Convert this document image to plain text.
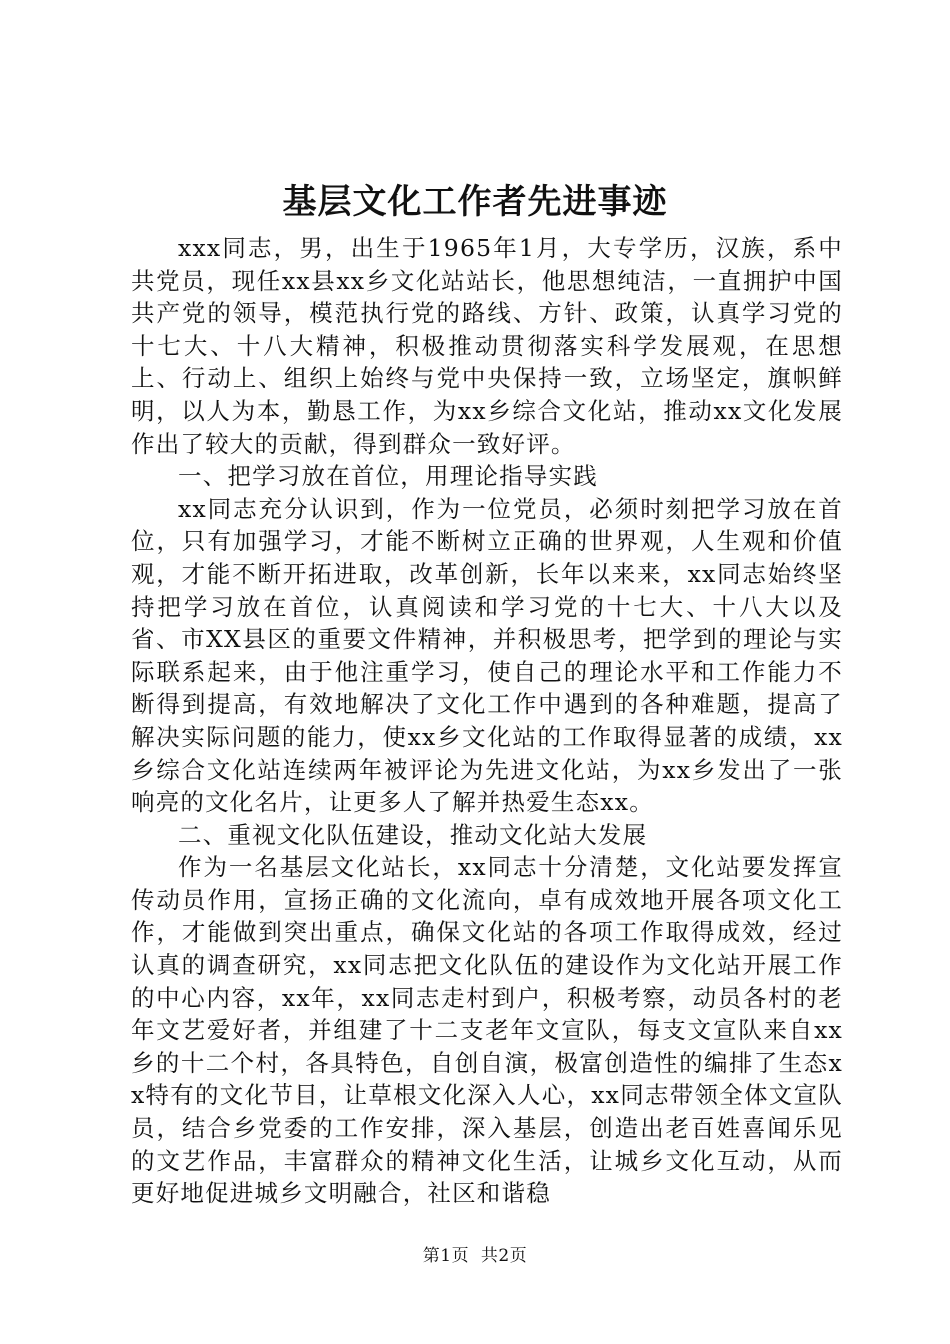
基层文化工作者先进事迹

xxx同志，男，出生于1965年1月，大专学历，汉族，系中共党员，现任xx县xx乡文化站站长，他思想纯洁，一直拥护中国共产党的领导，模范执行党的路线、方针、政策，认真学习党的十七大、十八大精神，积极推动贯彻落实科学发展观，在思想上、行动上、组织上始终与党中央保持一致，立场坚定，旗帜鲜明，以人为本，勤恳工作，为xx乡综合文化站，推动xx文化发展作出了较大的贡献，得到群众一致好评。

一、把学习放在首位，用理论指导实践

xx同志充分认识到，作为一位党员，必须时刻把学习放在首位，只有加强学习，才能不断树立正确的世界观，人生观和价值观，才能不断开拓进取，改革创新，长年以来来，xx同志始终坚持把学习放在首位，认真阅读和学习党的十七大、十八大以及省、市XX县区的重要文件精神，并积极思考，把学到的理论与实际联系起来，由于他注重学习，使自己的理论水平和工作能力不断得到提高，有效地解决了文化工作中遇到的各种难题，提高了解决实际问题的能力，使xx乡文化站的工作取得显著的成绩，xx乡综合文化站连续两年被评论为先进文化站，为xx乡发出了一张响亮的文化名片，让更多人了解并热爱生态xx。

二、重视文化队伍建设，推动文化站大发展

作为一名基层文化站长，xx同志十分清楚，文化站要发挥宣传动员作用，宣扬正确的文化流向，卓有成效地开展各项文化工作，才能做到突出重点，确保文化站的各项工作取得成效，经过认真的调查研究，xx同志把文化队伍的建设作为文化站开展工作的中心内容，xx年，xx同志走村到户，积极考察，动员各村的老年文艺爱好者，并组建了十二支老年文宣队，每支文宣队来自xx乡的十二个村，各具特色，自创自演，极富创造性的编排了生态xx特有的文化节目，让草根文化深入人心，xx同志带领全体文宣队员，结合乡党委的工作安排，深入基层，创造出老百姓喜闻乐见的文艺作品，丰富群众的精神文化生活，让城乡文化互动，从而更好地促进城乡文明融合，社区和谐稳

第1页  共2页
